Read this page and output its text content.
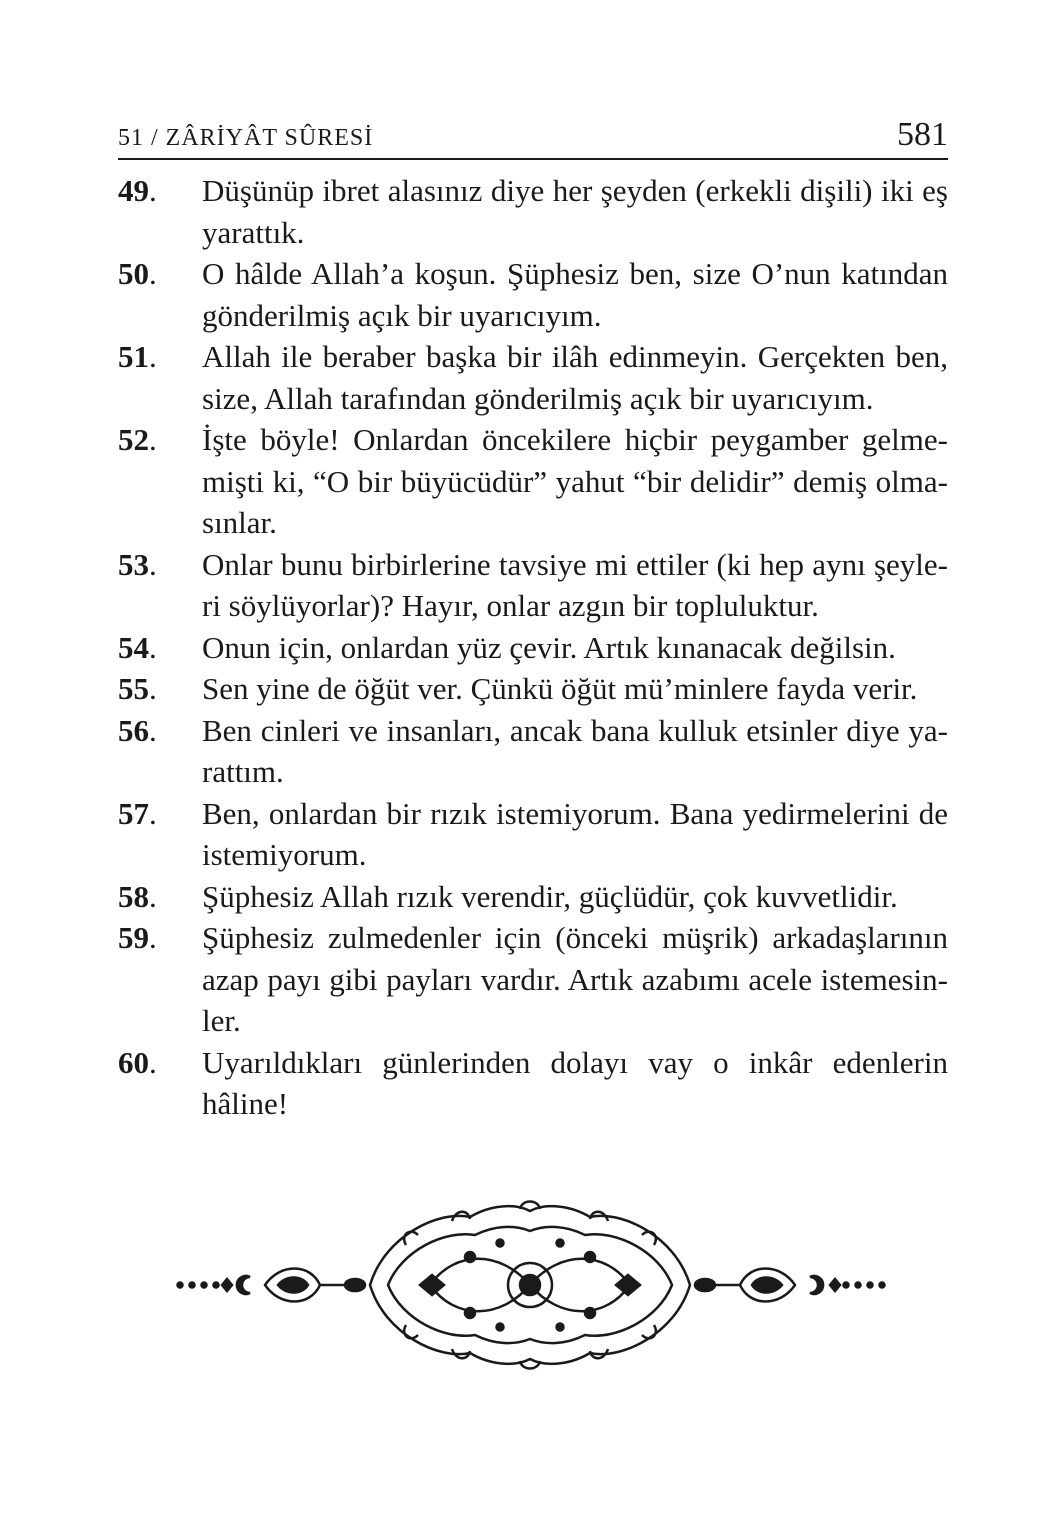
51 / ZÂRİYÂT SÛRESİ	581
49.	Düşünüp ibret alasınız diye her şeyden (erkekli dişili) iki eş yarattık.
50.	O hâlde Allah’a koşun. Şüphesiz ben, size O’nun katından gönderilmiş açık bir uyarıcıyım.
51.	Allah ile beraber başka bir ilâh edinmeyin. Gerçekten ben, size, Allah tarafından gönderilmiş açık bir uyarıcıyım.
52.	İşte böyle! Onlardan öncekilere hiçbir peygamber gelmemişti ki, “O bir büyücüdür” yahut “bir delidir” demiş olmasınlar.
53.	Onlar bunu birbirlerine tavsiye mi ettiler (ki hep aynı şeyleri söylüyorlar)? Hayır, onlar azgın bir topluluktur.
54.	Onun için, onlardan yüz çevir. Artık kınanacak değilsin.
55.	Sen yine de öğüt ver. Çünkü öğüt mü’minlere fayda verir.
56.	Ben cinleri ve insanları, ancak bana kulluk etsinler diye yarattım.
57.	Ben, onlardan bir rızık istemiyorum. Bana yedirmelerini de istemiyorum.
58.	Şüphesiz Allah rızık verendir, güçlüdür, çok kuvvetlidir.
59.	Şüphesiz zulmedenler için (önceki müşrik) arkadaşlarının azap payı gibi payları vardır. Artık azabımı acele istemesinler.
60.	Uyarıldıkları günlerinden dolayı vay o inkâr edenlerin hâline!
